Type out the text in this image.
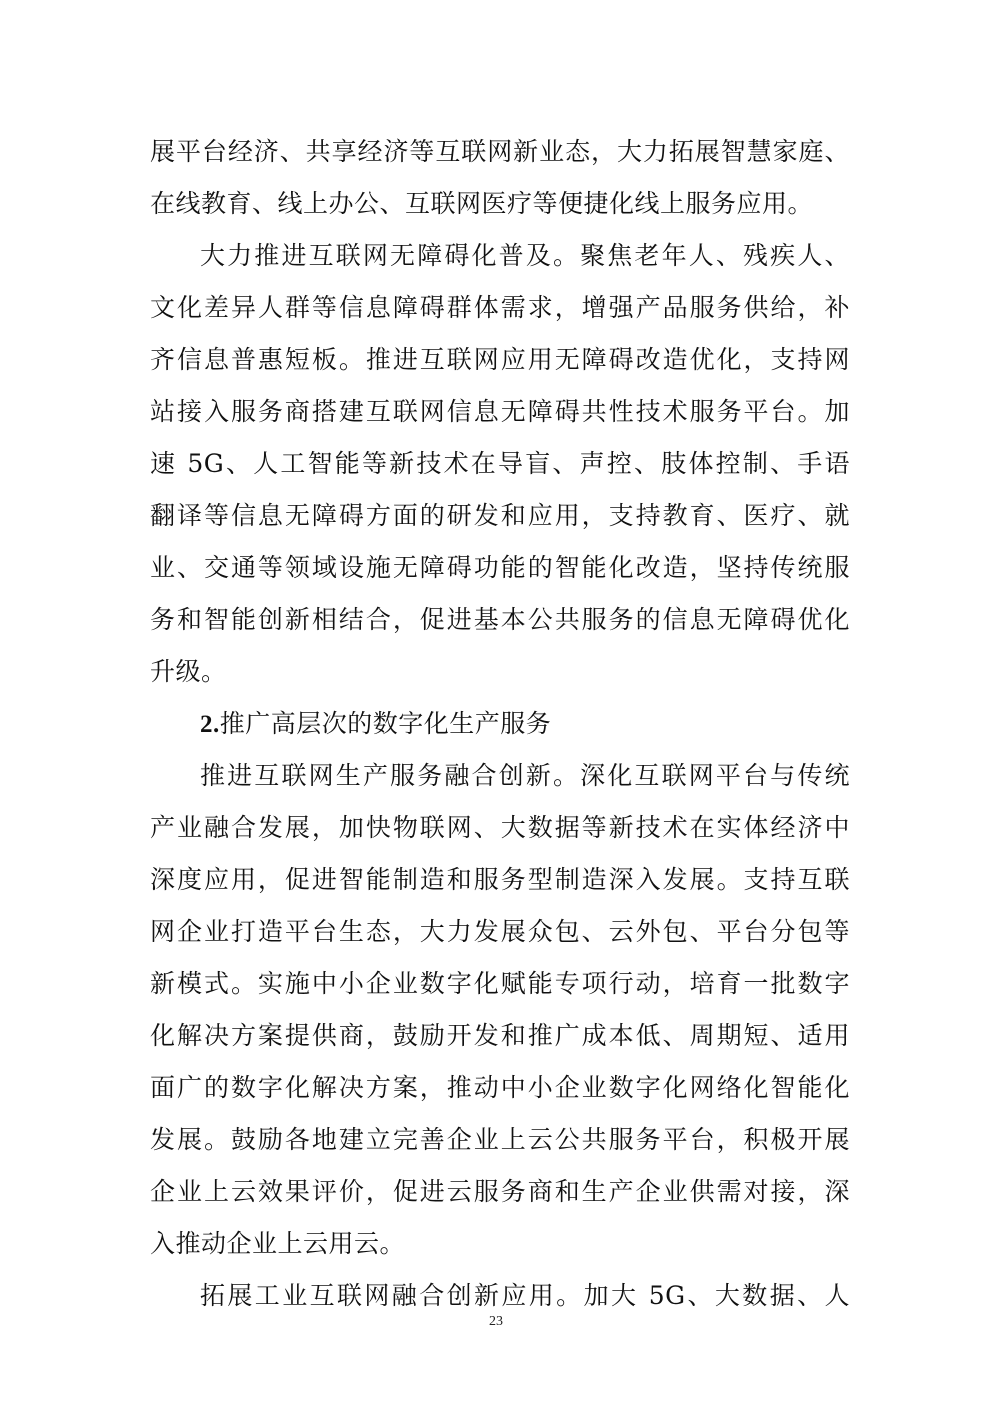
展平台经济、共享经济等互联网新业态，大力拓展智慧家庭、
在线教育、线上办公、互联网医疗等便捷化线上服务应用。
大力推进互联网无障碍化普及。聚焦老年人、残疾人、
文化差异人群等信息障碍群体需求，增强产品服务供给，补
齐信息普惠短板。推进互联网应用无障碍改造优化，支持网
站接入服务商搭建互联网信息无障碍共性技术服务平台。加
速 5G、人工智能等新技术在导盲、声控、肢体控制、手语
翻译等信息无障碍方面的研发和应用，支持教育、医疗、就
业、交通等领域设施无障碍功能的智能化改造，坚持传统服
务和智能创新相结合，促进基本公共服务的信息无障碍优化
升级。
2.推广高层次的数字化生产服务
推进互联网生产服务融合创新。深化互联网平台与传统
产业融合发展，加快物联网、大数据等新技术在实体经济中
深度应用，促进智能制造和服务型制造深入发展。支持互联
网企业打造平台生态，大力发展众包、云外包、平台分包等
新模式。实施中小企业数字化赋能专项行动，培育一批数字
化解决方案提供商，鼓励开发和推广成本低、周期短、适用
面广的数字化解决方案，推动中小企业数字化网络化智能化
发展。鼓励各地建立完善企业上云公共服务平台，积极开展
企业上云效果评价，促进云服务商和生产企业供需对接，深
入推动企业上云用云。
拓展工业互联网融合创新应用。加大 5G、大数据、人
23
